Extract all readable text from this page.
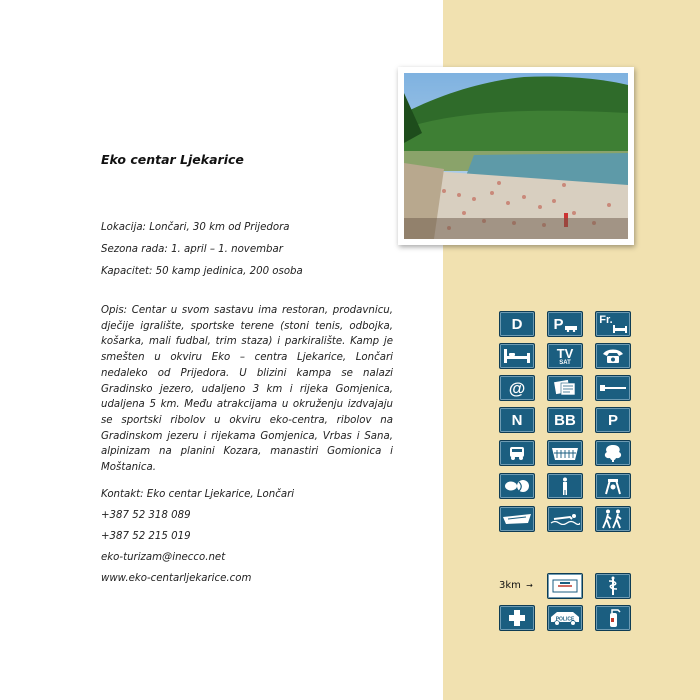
Eko centar Ljekarice
Lokacija: Lončari, 30 km od Prijedora
Sezona rada: 1. april – 1. novembar
Kapacitet: 50 kamp jedinica, 200 osoba

Opis: Centar u svom sastavu ima restoran, prodavnicu, dječije igralište, sportske terene (stoni tenis, odbojka, košarka, mali fudbal, trim staza) i parkiralište. Kamp je smešten u okviru Eko – centra Ljekarice, Lončari nedaleko od Prijedora. U blizini kampa se nalazi Gradinsko jezero, udaljeno 3 km i rijeka Gomjenica, udaljena 5 km. Među atrakcijama u okruženju izdvajaju se sportski ribolov u okviru eko-centra, ribolov na Gradinskom jezeru i rijekama Gomjenica, Vrbas i Sana, alpinizam na planini Kozara, manastiri Gomionica i Moštanica.

Kontakt: Eko centar Ljekarice, Lončari
+387 52 318 089
+387 52 215 019
eko-turizam@inecco.net
www.eko-centarljekarice.com
D P	Fr.
TV
SAT
@
N BB P
3km →
POLICE
